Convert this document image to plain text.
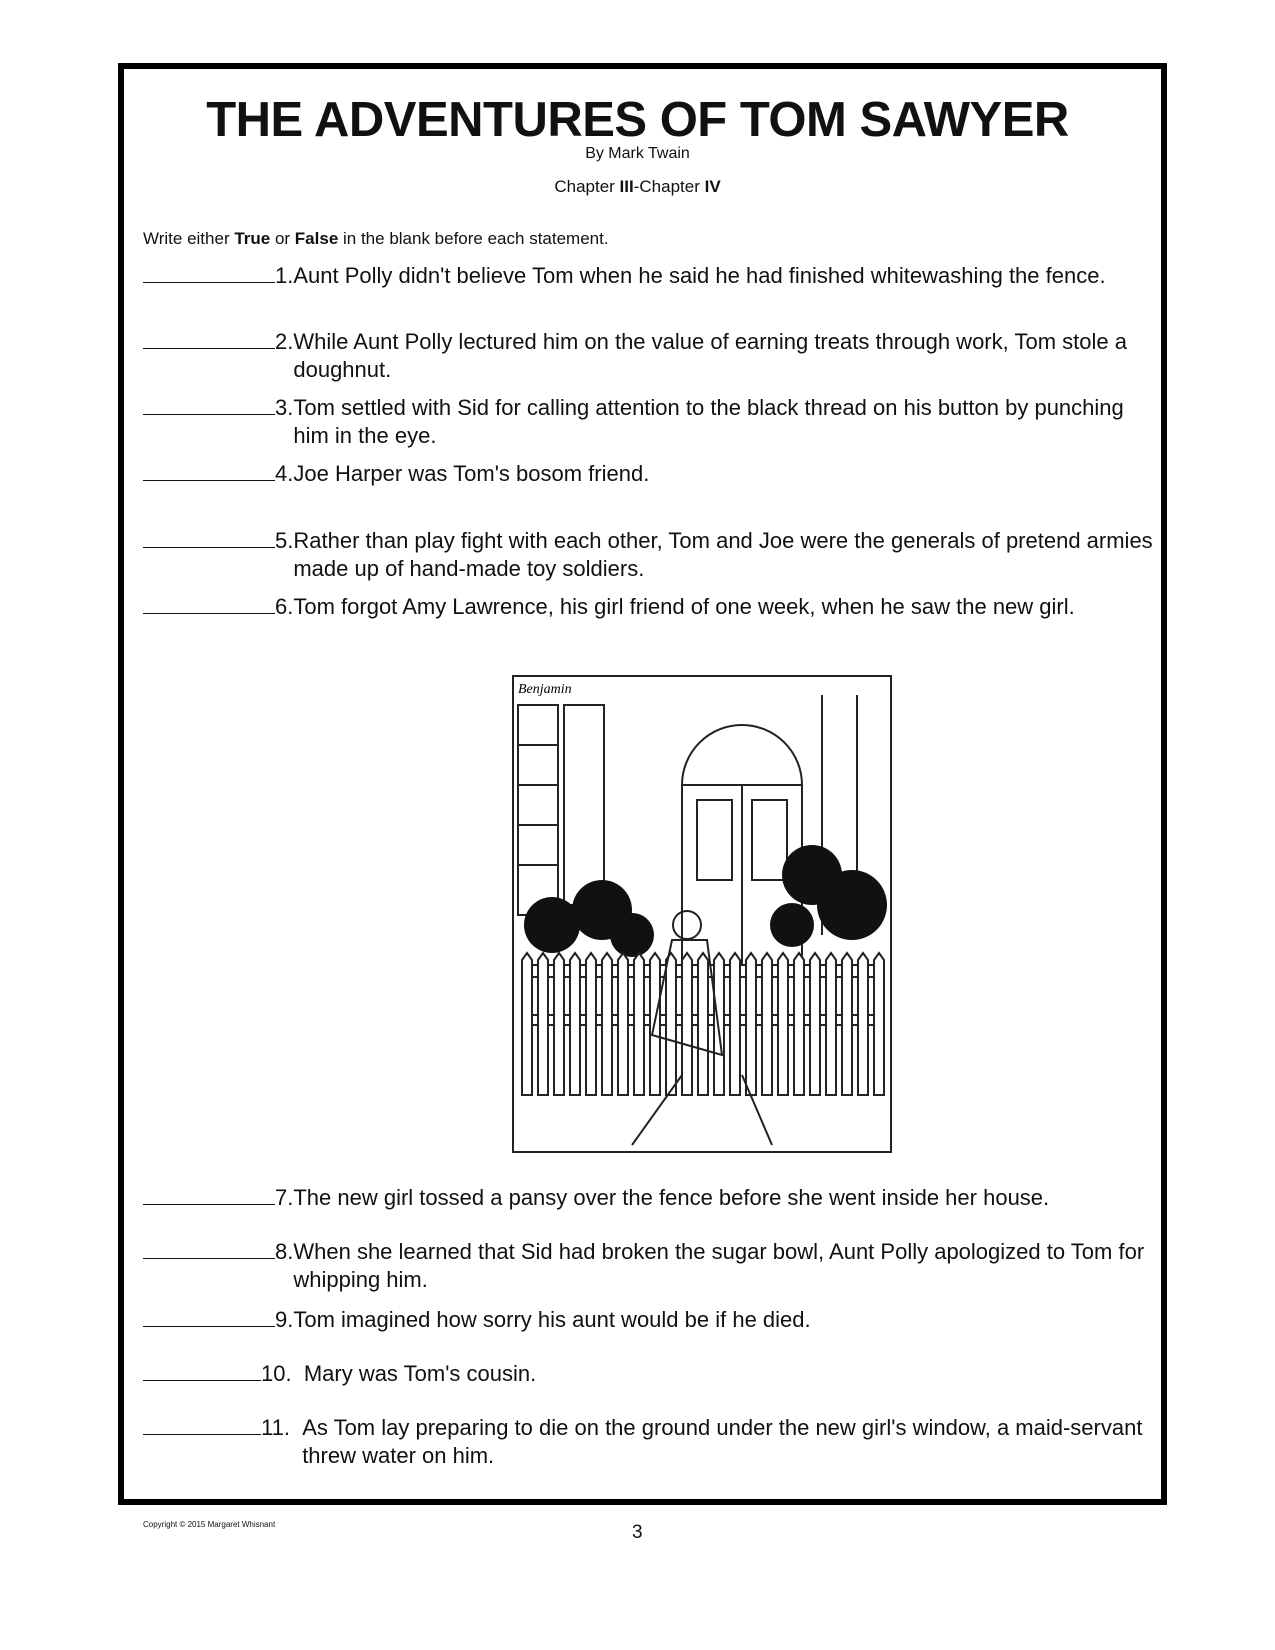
THE ADVENTURES OF TOM SAWYER
By Mark Twain
Chapter III-Chapter IV
Write either True or False in the blank before each statement.
1. Aunt Polly didn't believe Tom when he said he had finished whitewashing the fence.
2. While Aunt Polly lectured him on the value of earning treats through work, Tom stole a doughnut.
3. Tom settled with Sid for calling attention to the black thread on his button by punching him in the eye.
4. Joe Harper was Tom's bosom friend.
5. Rather than play fight with each other, Tom and Joe were the generals of pretend armies made up of hand-made toy soldiers.
6. Tom forgot Amy Lawrence, his girl friend of one week, when he saw the new girl.
Benjamin
7. The new girl tossed a pansy over the fence before she went inside her house.
8. When she learned that Sid had broken the sugar bowl, Aunt Polly apologized to Tom for whipping him.
9. Tom imagined how sorry his aunt would be if he died.
10. Mary was Tom's cousin.
11. As Tom lay preparing to die on the ground under the new girl's window, a maid-servant threw water on him.
Copyright © 2015 Margaret Whisnant	3
